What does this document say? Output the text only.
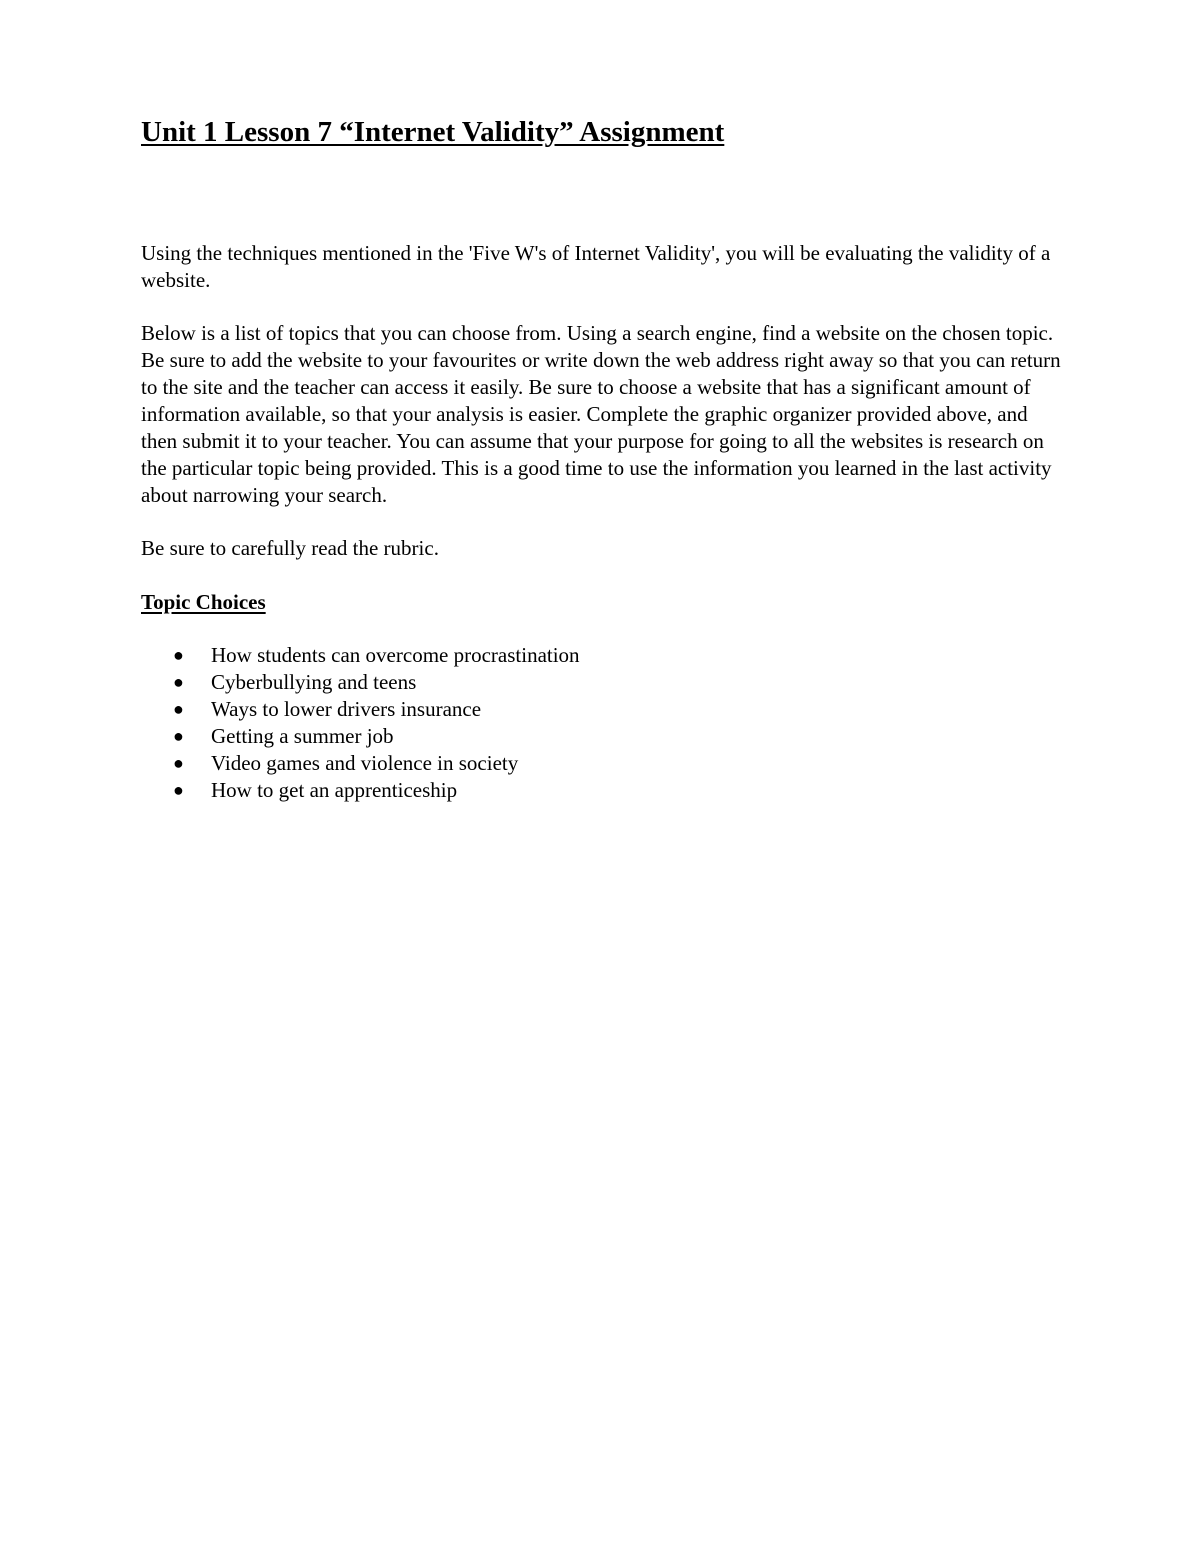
Unit 1 Lesson 7 “Internet Validity” Assignment

Using the techniques mentioned in the 'Five W's of Internet Validity', you will be evaluating the validity of a website.

Below is a list of topics that you can choose from. Using a search engine, find a website on the chosen topic. Be sure to add the website to your favourites or write down the web address right away so that you can return to the site and the teacher can access it easily. Be sure to choose a website that has a significant amount of information available, so that your analysis is easier. Complete the graphic organizer provided above, and then submit it to your teacher. You can assume that your purpose for going to all the websites is research on the particular topic being provided. This is a good time to use the information you learned in the last activity about narrowing your search.

Be sure to carefully read the rubric.

Topic Choices
● How students can overcome procrastination
● Cyberbullying and teens
● Ways to lower drivers insurance
● Getting a summer job
● Video games and violence in society
● How to get an apprenticeship
